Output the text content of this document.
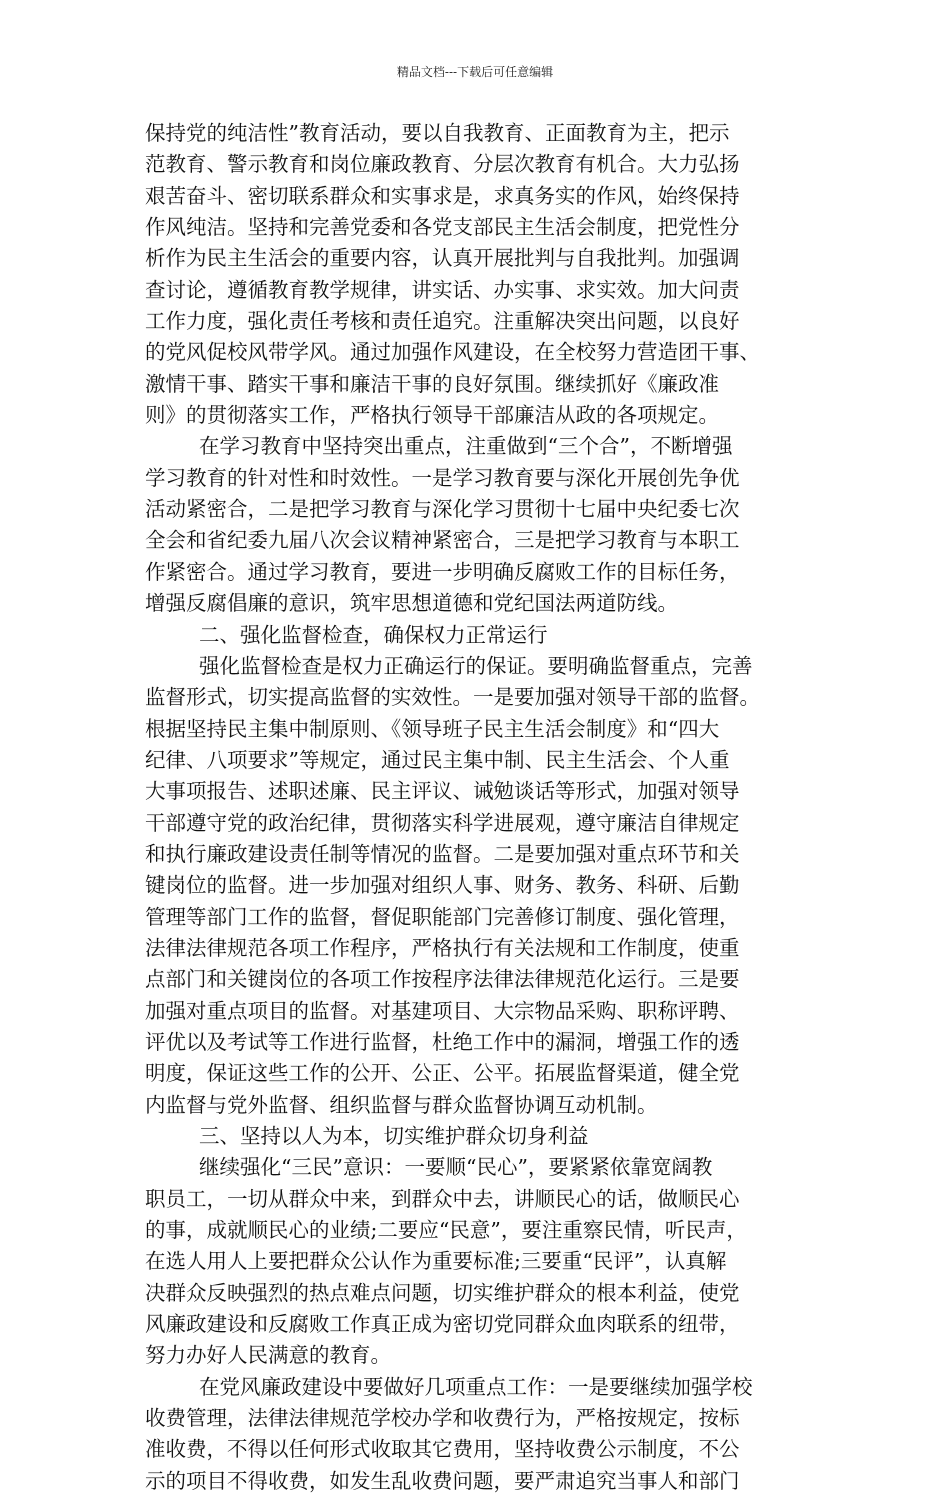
精品文档---下载后可任意编辑
保持党的纯洁性”教育活动，要以自我教育、正面教育为主，把示
范教育、警示教育和岗位廉政教育、分层次教育有机合。大力弘扬
艰苦奋斗、密切联系群众和实事求是，求真务实的作风，始终保持
作风纯洁。坚持和完善党委和各党支部民主生活会制度，把党性分
析作为民主生活会的重要内容，认真开展批判与自我批判。加强调
查讨论，遵循教育教学规律，讲实话、办实事、求实效。加大问责
工作力度，强化责任考核和责任追究。注重解决突出问题，以良好
的党风促校风带学风。通过加强作风建设，在全校努力营造团干事、
激情干事、踏实干事和廉洁干事的良好氛围。继续抓好《廉政准
则》的贯彻落实工作，严格执行领导干部廉洁从政的各项规定。
在学习教育中坚持突出重点，注重做到“三个合”，不断增强
学习教育的针对性和时效性。一是学习教育要与深化开展创先争优
活动紧密合，二是把学习教育与深化学习贯彻十七届中央纪委七次
全会和省纪委九届八次会议精神紧密合，三是把学习教育与本职工
作紧密合。通过学习教育，要进一步明确反腐败工作的目标任务，
增强反腐倡廉的意识，筑牢思想道德和党纪国法两道防线。
二、强化监督检查，确保权力正常运行
强化监督检查是权力正确运行的保证。要明确监督重点，完善
监督形式，切实提高监督的实效性。一是要加强对领导干部的监督。
根据坚持民主集中制原则、《领导班子民主生活会制度》和“四大
纪律、八项要求”等规定，通过民主集中制、民主生活会、个人重
大事项报告、述职述廉、民主评议、诫勉谈话等形式，加强对领导
干部遵守党的政治纪律，贯彻落实科学进展观，遵守廉洁自律规定
和执行廉政建设责任制等情况的监督。二是要加强对重点环节和关
键岗位的监督。进一步加强对组织人事、财务、教务、科研、后勤
管理等部门工作的监督，督促职能部门完善修订制度、强化管理，
法律法律规范各项工作程序，严格执行有关法规和工作制度，使重
点部门和关键岗位的各项工作按程序法律法律规范化运行。三是要
加强对重点项目的监督。对基建项目、大宗物品采购、职称评聘、
评优以及考试等工作进行监督，杜绝工作中的漏洞，增强工作的透
明度，保证这些工作的公开、公正、公平。拓展监督渠道，健全党
内监督与党外监督、组织监督与群众监督协调互动机制。
三、坚持以人为本，切实维护群众切身利益
继续强化“三民”意识：一要顺“民心”，要紧紧依靠宽阔教
职员工，一切从群众中来，到群众中去，讲顺民心的话，做顺民心
的事，成就顺民心的业绩;二要应“民意”，要注重察民情，听民声，
在选人用人上要把群众公认作为重要标准;三要重“民评”，认真解
决群众反映强烈的热点难点问题，切实维护群众的根本利益，使党
风廉政建设和反腐败工作真正成为密切党同群众血肉联系的纽带，
努力办好人民满意的教育。
在党风廉政建设中要做好几项重点工作：一是要继续加强学校
收费管理，法律法律规范学校办学和收费行为，严格按规定，按标
准收费，不得以任何形式收取其它费用，坚持收费公示制度，不公
示的项目不得收费，如发生乱收费问题，要严肃追究当事人和部门
